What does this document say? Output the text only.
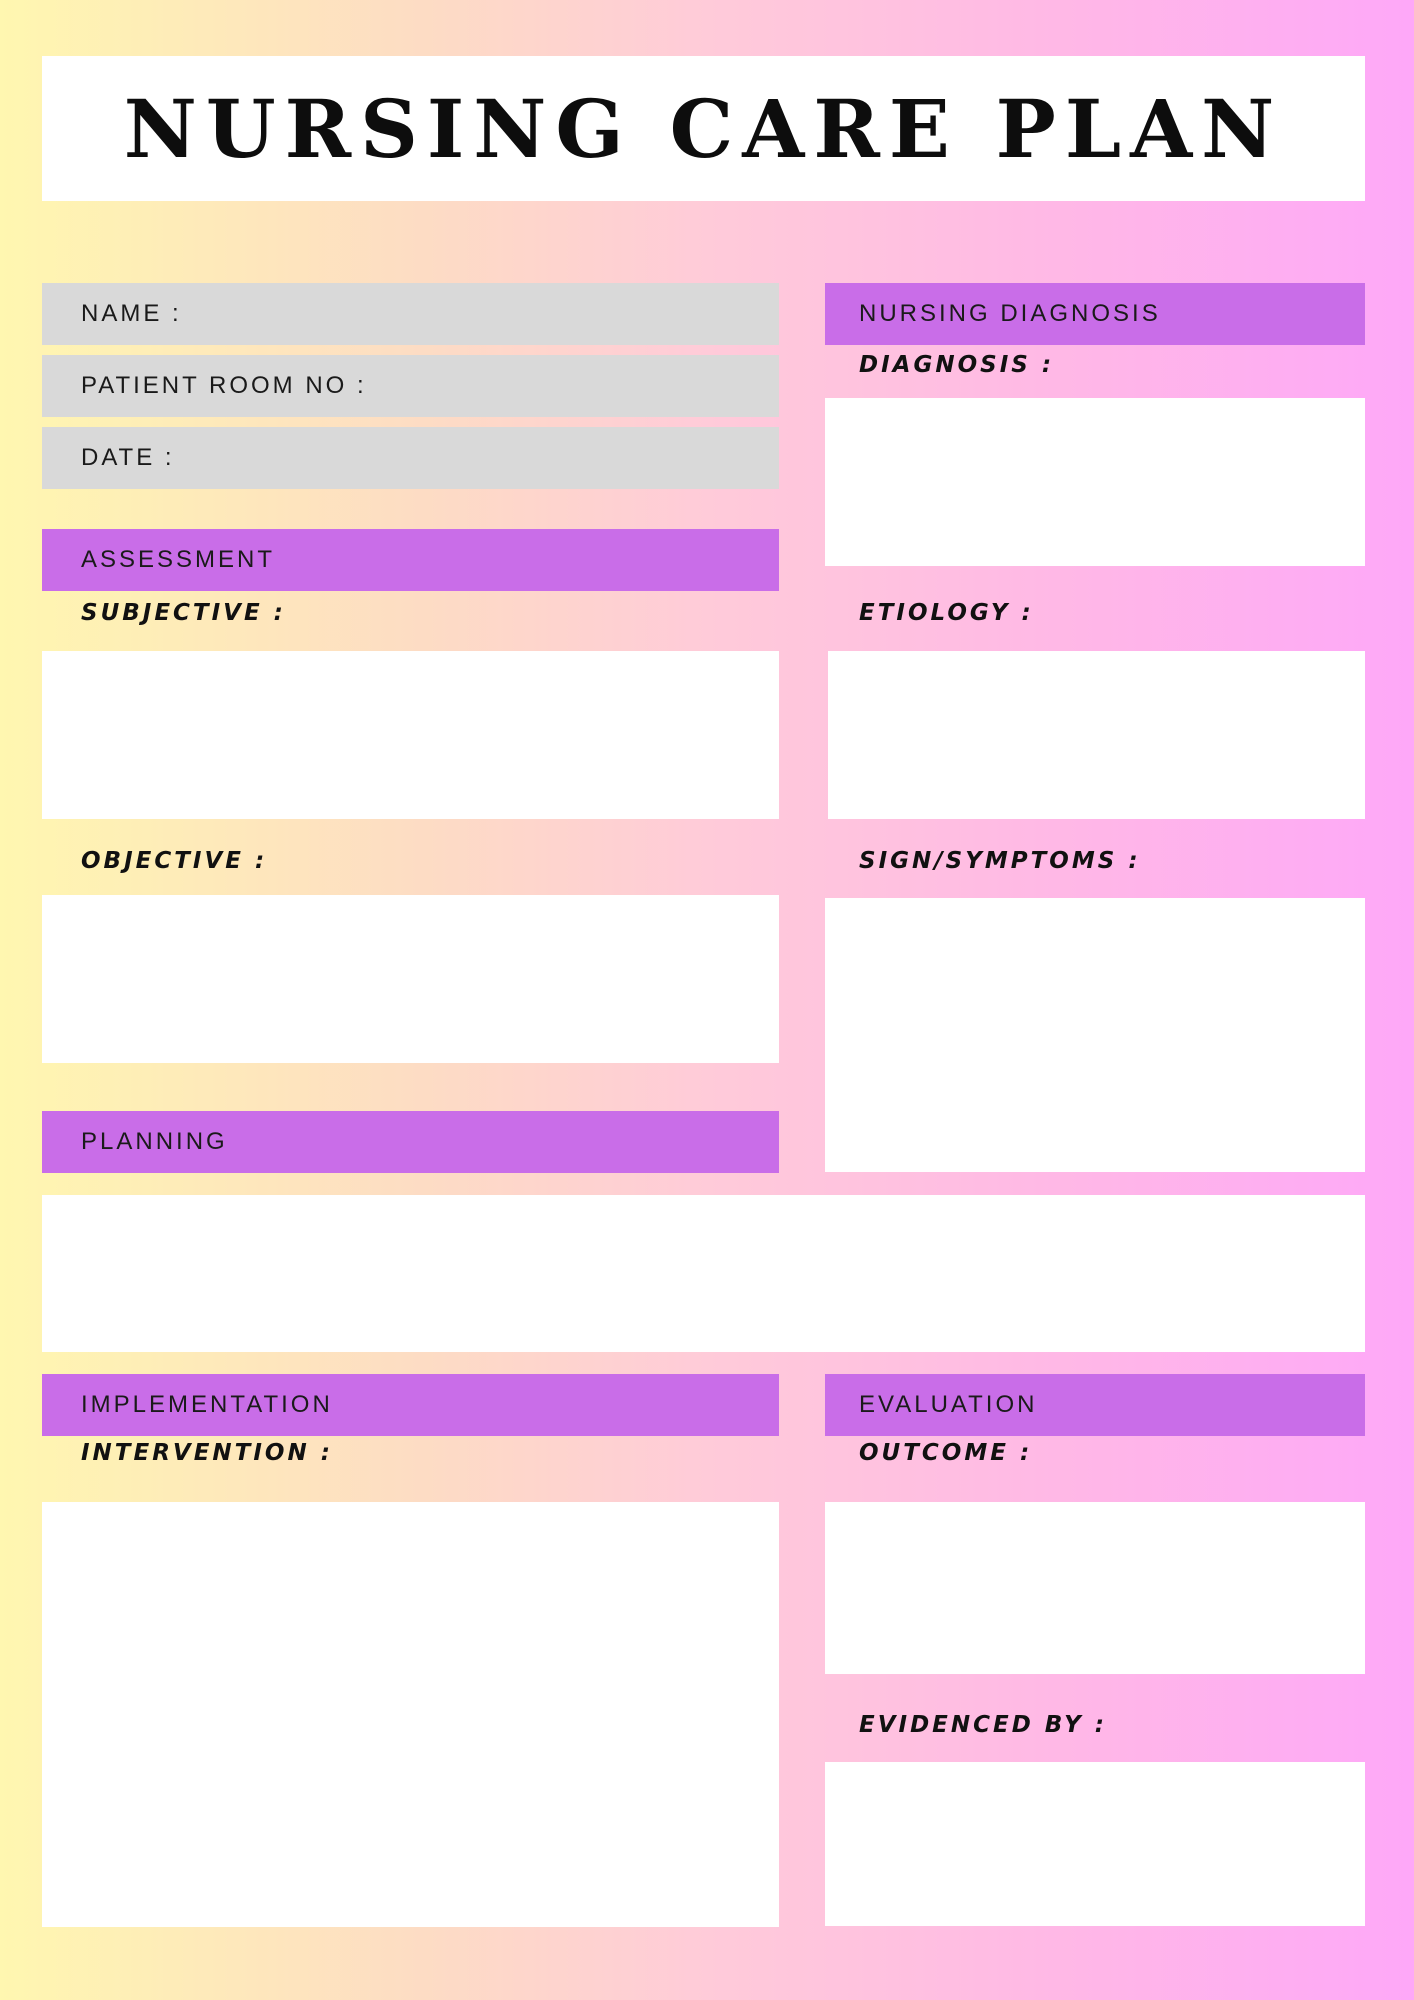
NURSING CARE PLAN
NAME :
PATIENT ROOM NO :
DATE :
ASSESSMENT
SUBJECTIVE :
OBJECTIVE :
NURSING DIAGNOSIS
DIAGNOSIS :
ETIOLOGY :
SIGN/SYMPTOMS :
PLANNING
IMPLEMENTATION
INTERVENTION :
EVALUATION
OUTCOME :
EVIDENCED BY :
